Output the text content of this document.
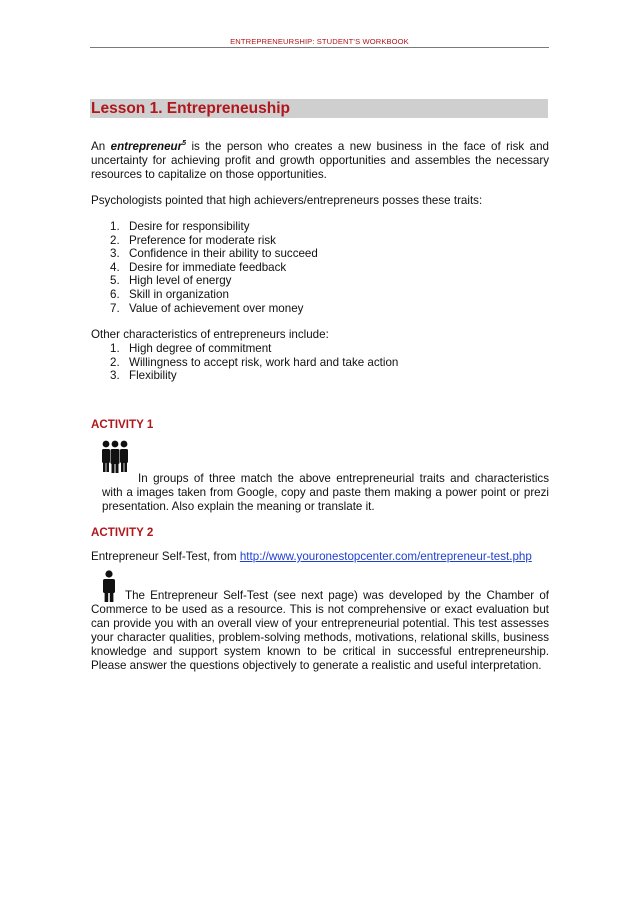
ENTREPRENEURSHIP: STUDENT’S WORKBOOK
Lesson 1. Entrepreneuship
An entrepreneur$^5$ is the person who creates a new business in the face of risk and uncertainty for achieving profit and growth opportunities and assembles the necessary resources to capitalize on those opportunities.
Psychologists pointed that high achievers/entrepreneurs posses these traits:
1. Desire for responsibility
2. Preference for moderate risk
3. Confidence in their ability to succeed
4. Desire for immediate feedback
5. High level of energy
6. Skill in organization
7. Value of achievement over money
Other characteristics of entrepreneurs include:
1. High degree of commitment
2. Willingness to accept risk, work hard and take action
3. Flexibility
ACTIVITY 1
In groups of three match the above entrepreneurial traits and characteristics with a images taken from Google, copy and paste them making a power point or prezi presentation. Also explain the meaning or translate it.
ACTIVITY 2
Entrepreneur Self-Test, from http://www.youronestopcenter.com/entrepreneur-test.php
The Entrepreneur Self-Test (see next page) was developed by the Chamber of Commerce to be used as a resource. This is not comprehensive or exact evaluation but can provide you with an overall view of your entrepreneurial potential. This test assesses your character qualities, problem-solving methods, motivations, relational skills, business knowledge and support system known to be critical in successful entrepreneurship. Please answer the questions objectively to generate a realistic and useful interpretation.
